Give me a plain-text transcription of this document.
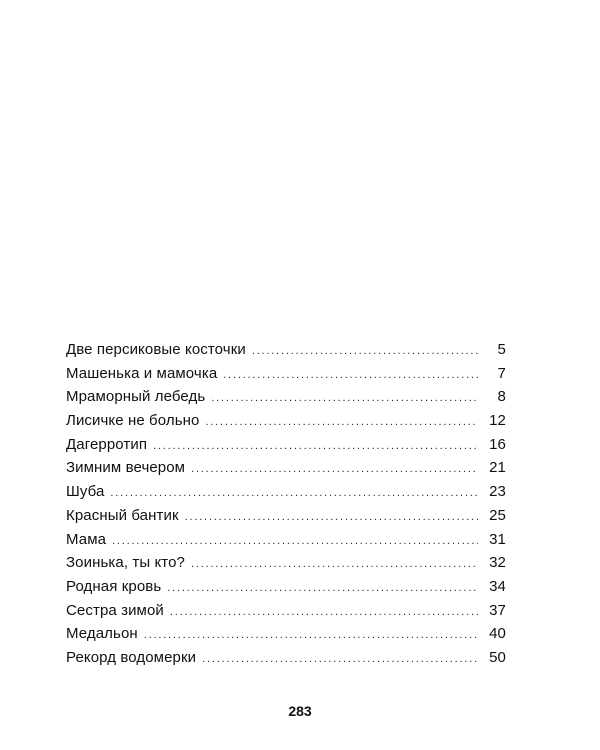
Две персиковые косточки .....	5
Машенька и мамочка .....	7
Мраморный лебедь .....	8
Лисичке не больно .....	12
Дагерротип .....	16
Зимним вечером .....	21
Шуба .....	23
Красный бантик .....	25
Мама .....	31
Зоинька, ты кто? .....	32
Родная кровь .....	34
Сестра зимой .....	37
Медальон .....	40
Рекорд водомерки .....	50
283
